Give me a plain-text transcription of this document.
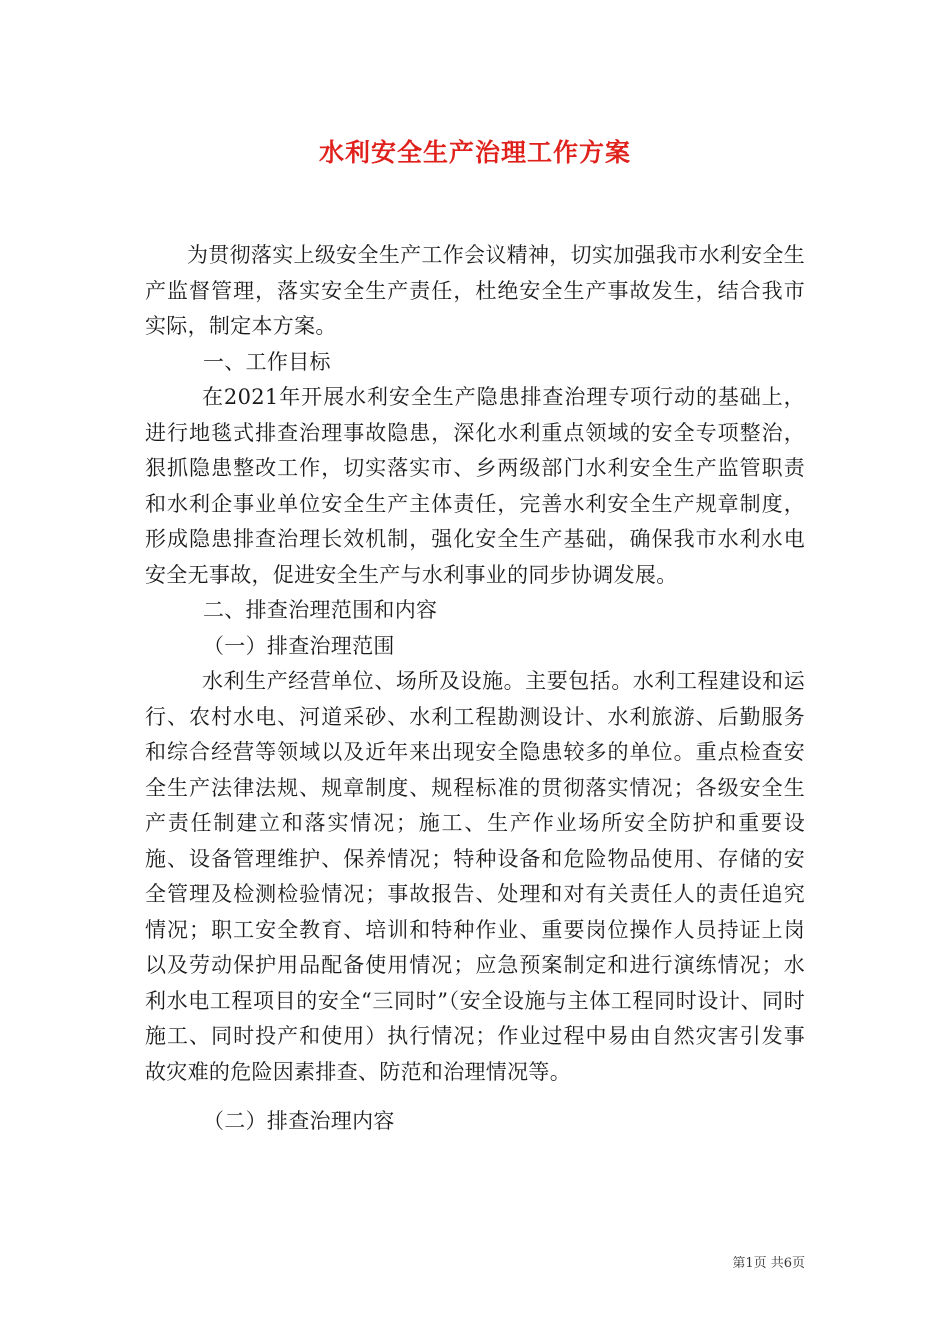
水利安全生产治理工作方案

为贯彻落实上级安全生产工作会议精神，切实加强我市水利安全生产监督管理，落实安全生产责任，杜绝安全生产事故发生，结合我市实际，制定本方案。

一、工作目标

在2021年开展水利安全生产隐患排查治理专项行动的基础上，进行地毯式排查治理事故隐患，深化水利重点领域的安全专项整治，狠抓隐患整改工作，切实落实市、乡两级部门水利安全生产监管职责和水利企事业单位安全生产主体责任，完善水利安全生产规章制度，形成隐患排查治理长效机制，强化安全生产基础，确保我市水利水电安全无事故，促进安全生产与水利事业的同步协调发展。

二、排查治理范围和内容

（一）排查治理范围

水利生产经营单位、场所及设施。主要包括。水利工程建设和运行、农村水电、河道采砂、水利工程勘测设计、水利旅游、后勤服务和综合经营等领域以及近年来出现安全隐患较多的单位。重点检查安全生产法律法规、规章制度、规程标准的贯彻落实情况；各级安全生产责任制建立和落实情况；施工、生产作业场所安全防护和重要设施、设备管理维护、保养情况；特种设备和危险物品使用、存储的安全管理及检测检验情况；事故报告、处理和对有关责任人的责任追究情况；职工安全教育、培训和特种作业、重要岗位操作人员持证上岗以及劳动保护用品配备使用情况；应急预案制定和进行演练情况；水利水电工程项目的安全“三同时”（安全设施与主体工程同时设计、同时施工、同时投产和使用）执行情况；作业过程中易由自然灾害引发事故灾难的危险因素排查、防范和治理情况等。

（二）排查治理内容

第1页 共6页
